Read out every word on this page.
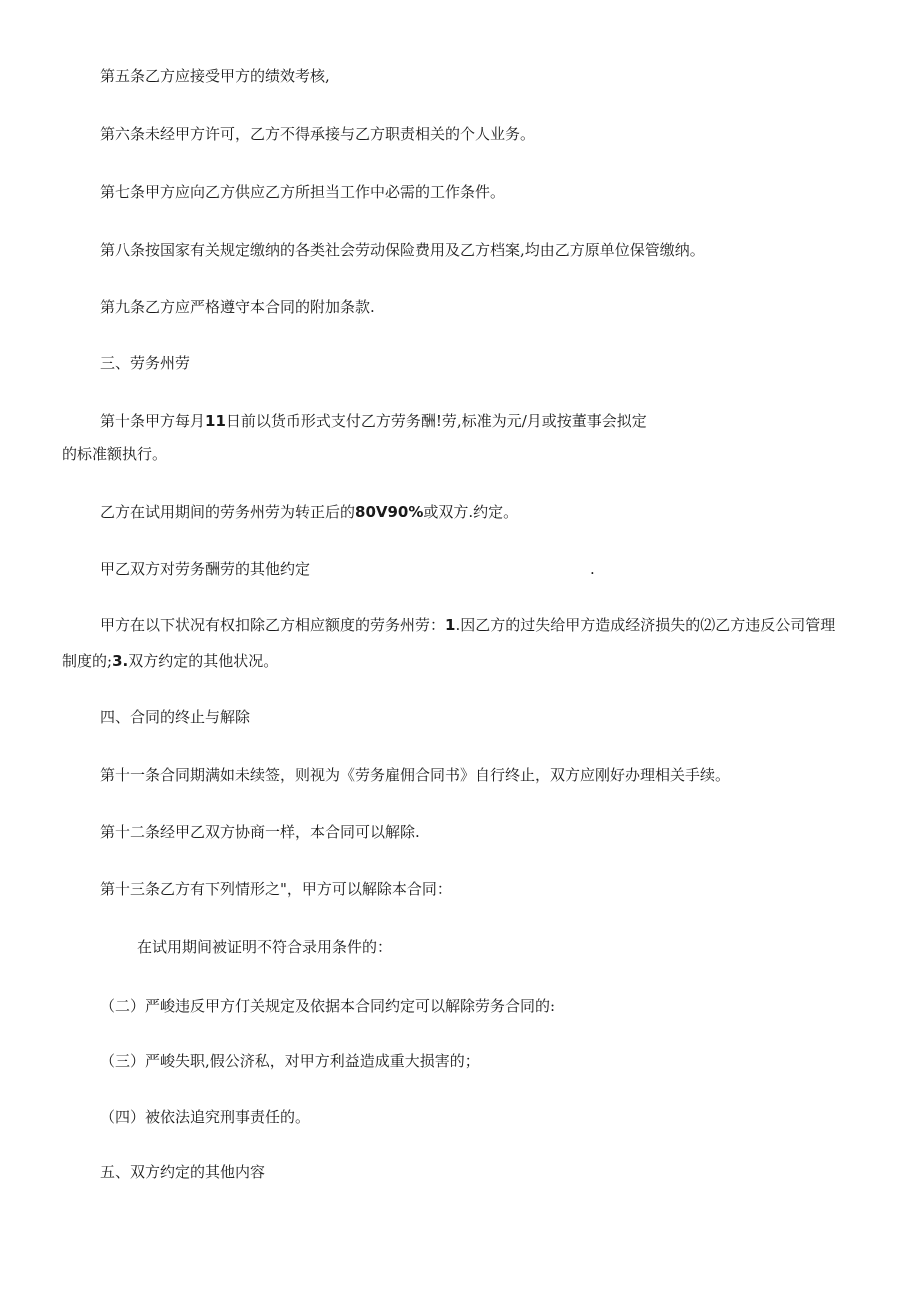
第五条乙方应接受甲方的绩效考核,
第六条未经甲方许可，乙方不得承接与乙方职责相关的个人业务。
第七条甲方应向乙方供应乙方所担当工作中必需的工作条件。
第八条按国家有关规定缴纳的各类社会劳动保险费用及乙方档案,均由乙方原单位保管缴纳。
第九条乙方应严格遵守本合同的附加条款.
三、劳务州劳
第十条甲方每月11日前以货币形式支付乙方劳务酬!劳,标准为元/月或按董事会拟定
的标准额执行。
乙方在试用期间的劳务州劳为转正后的80V90%或双方.约定。
甲乙双方对劳务酬劳的其他约定	.
甲方在以下状况有权扣除乙方相应额度的劳务州劳：1.因乙方的过失给甲方造成经济损失的⑵乙方违反公司管理
制度的;3.双方约定的其他状况。
四、合同的终止与解除
第十一条合同期满如未续签，则视为《劳务雇佣合同书》自行终止，双方应刚好办理相关手续。
第十二条经甲乙双方协商一样，本合同可以解除.
第十三条乙方有下列情形之"，甲方可以解除本合同：
在试用期间被证明不符合录用条件的：
（二）严峻违反甲方仃关规定及依据本合同约定可以解除劳务合同的:
（三）严峻失职,假公济私，对甲方利益造成重大损害的；
（四）被依法追究刑事责任的。
五、双方约定的其他内容
